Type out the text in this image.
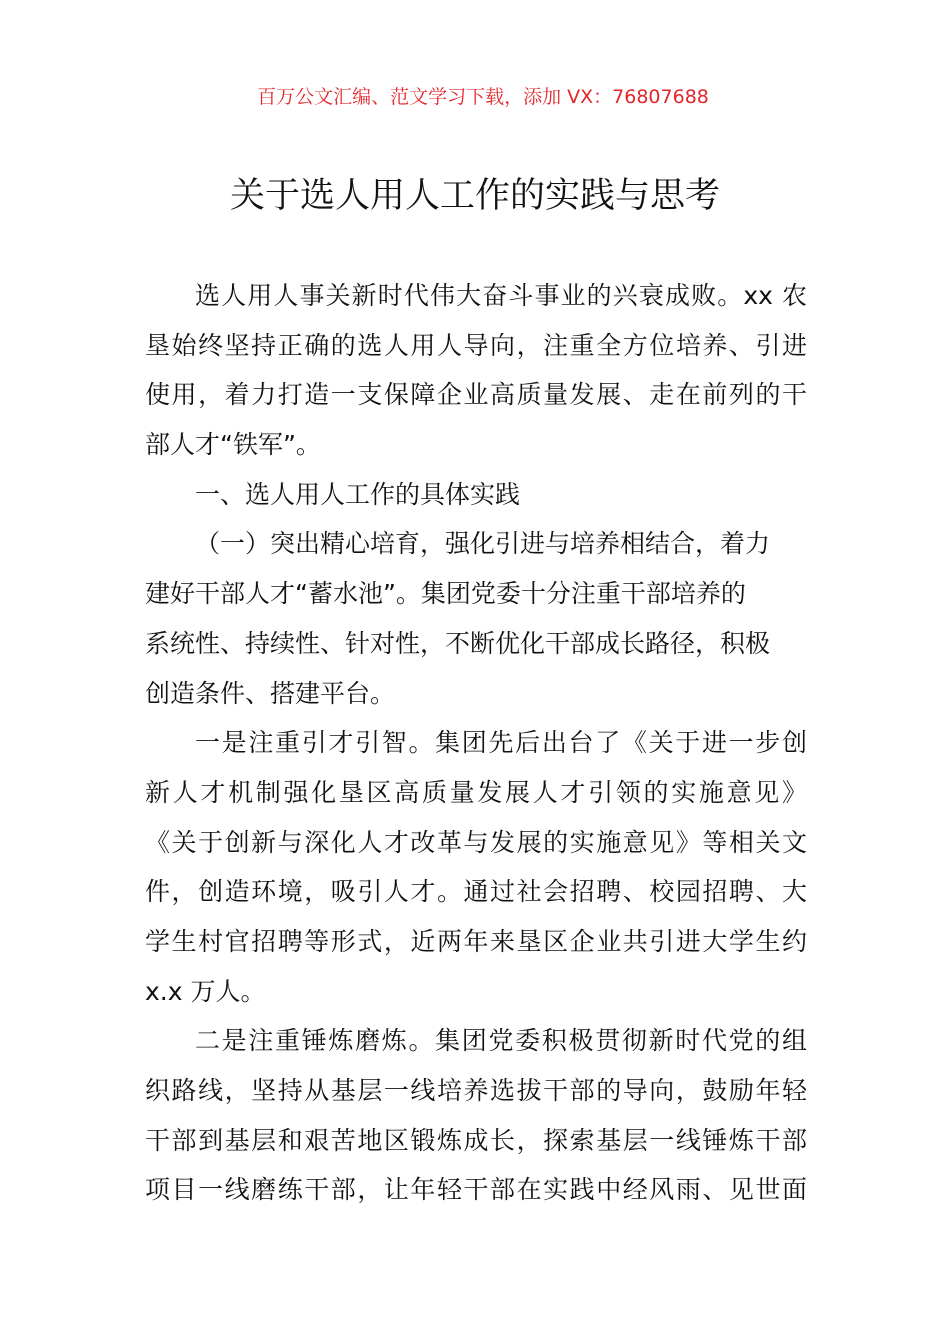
百万公文汇编、范文学习下载，添加 VX：76807688
关于选人用人工作的实践与思考
选人用人事关新时代伟大奋斗事业的兴衰成败。xx 农
垦始终坚持正确的选人用人导向，注重全方位培养、引进
使用，着力打造一支保障企业高质量发展、走在前列的干
部人才“铁军”。
一、选人用人工作的具体实践
（一）突出精心培育，强化引进与培养相结合，着力
建好干部人才“蓄水池”。集团党委十分注重干部培养的
系统性、持续性、针对性，不断优化干部成长路径，积极
创造条件、搭建平台。
一是注重引才引智。集团先后出台了《关于进一步创
新人才机制强化垦区高质量发展人才引领的实施意见》
《关于创新与深化人才改革与发展的实施意见》等相关文
件，创造环境，吸引人才。通过社会招聘、校园招聘、大
学生村官招聘等形式，近两年来垦区企业共引进大学生约
x.x 万人。
二是注重锤炼磨炼。集团党委积极贯彻新时代党的组
织路线，坚持从基层一线培养选拔干部的导向，鼓励年轻
干部到基层和艰苦地区锻炼成长，探索基层一线锤炼干部
项目一线磨练干部，让年轻干部在实践中经风雨、见世面
